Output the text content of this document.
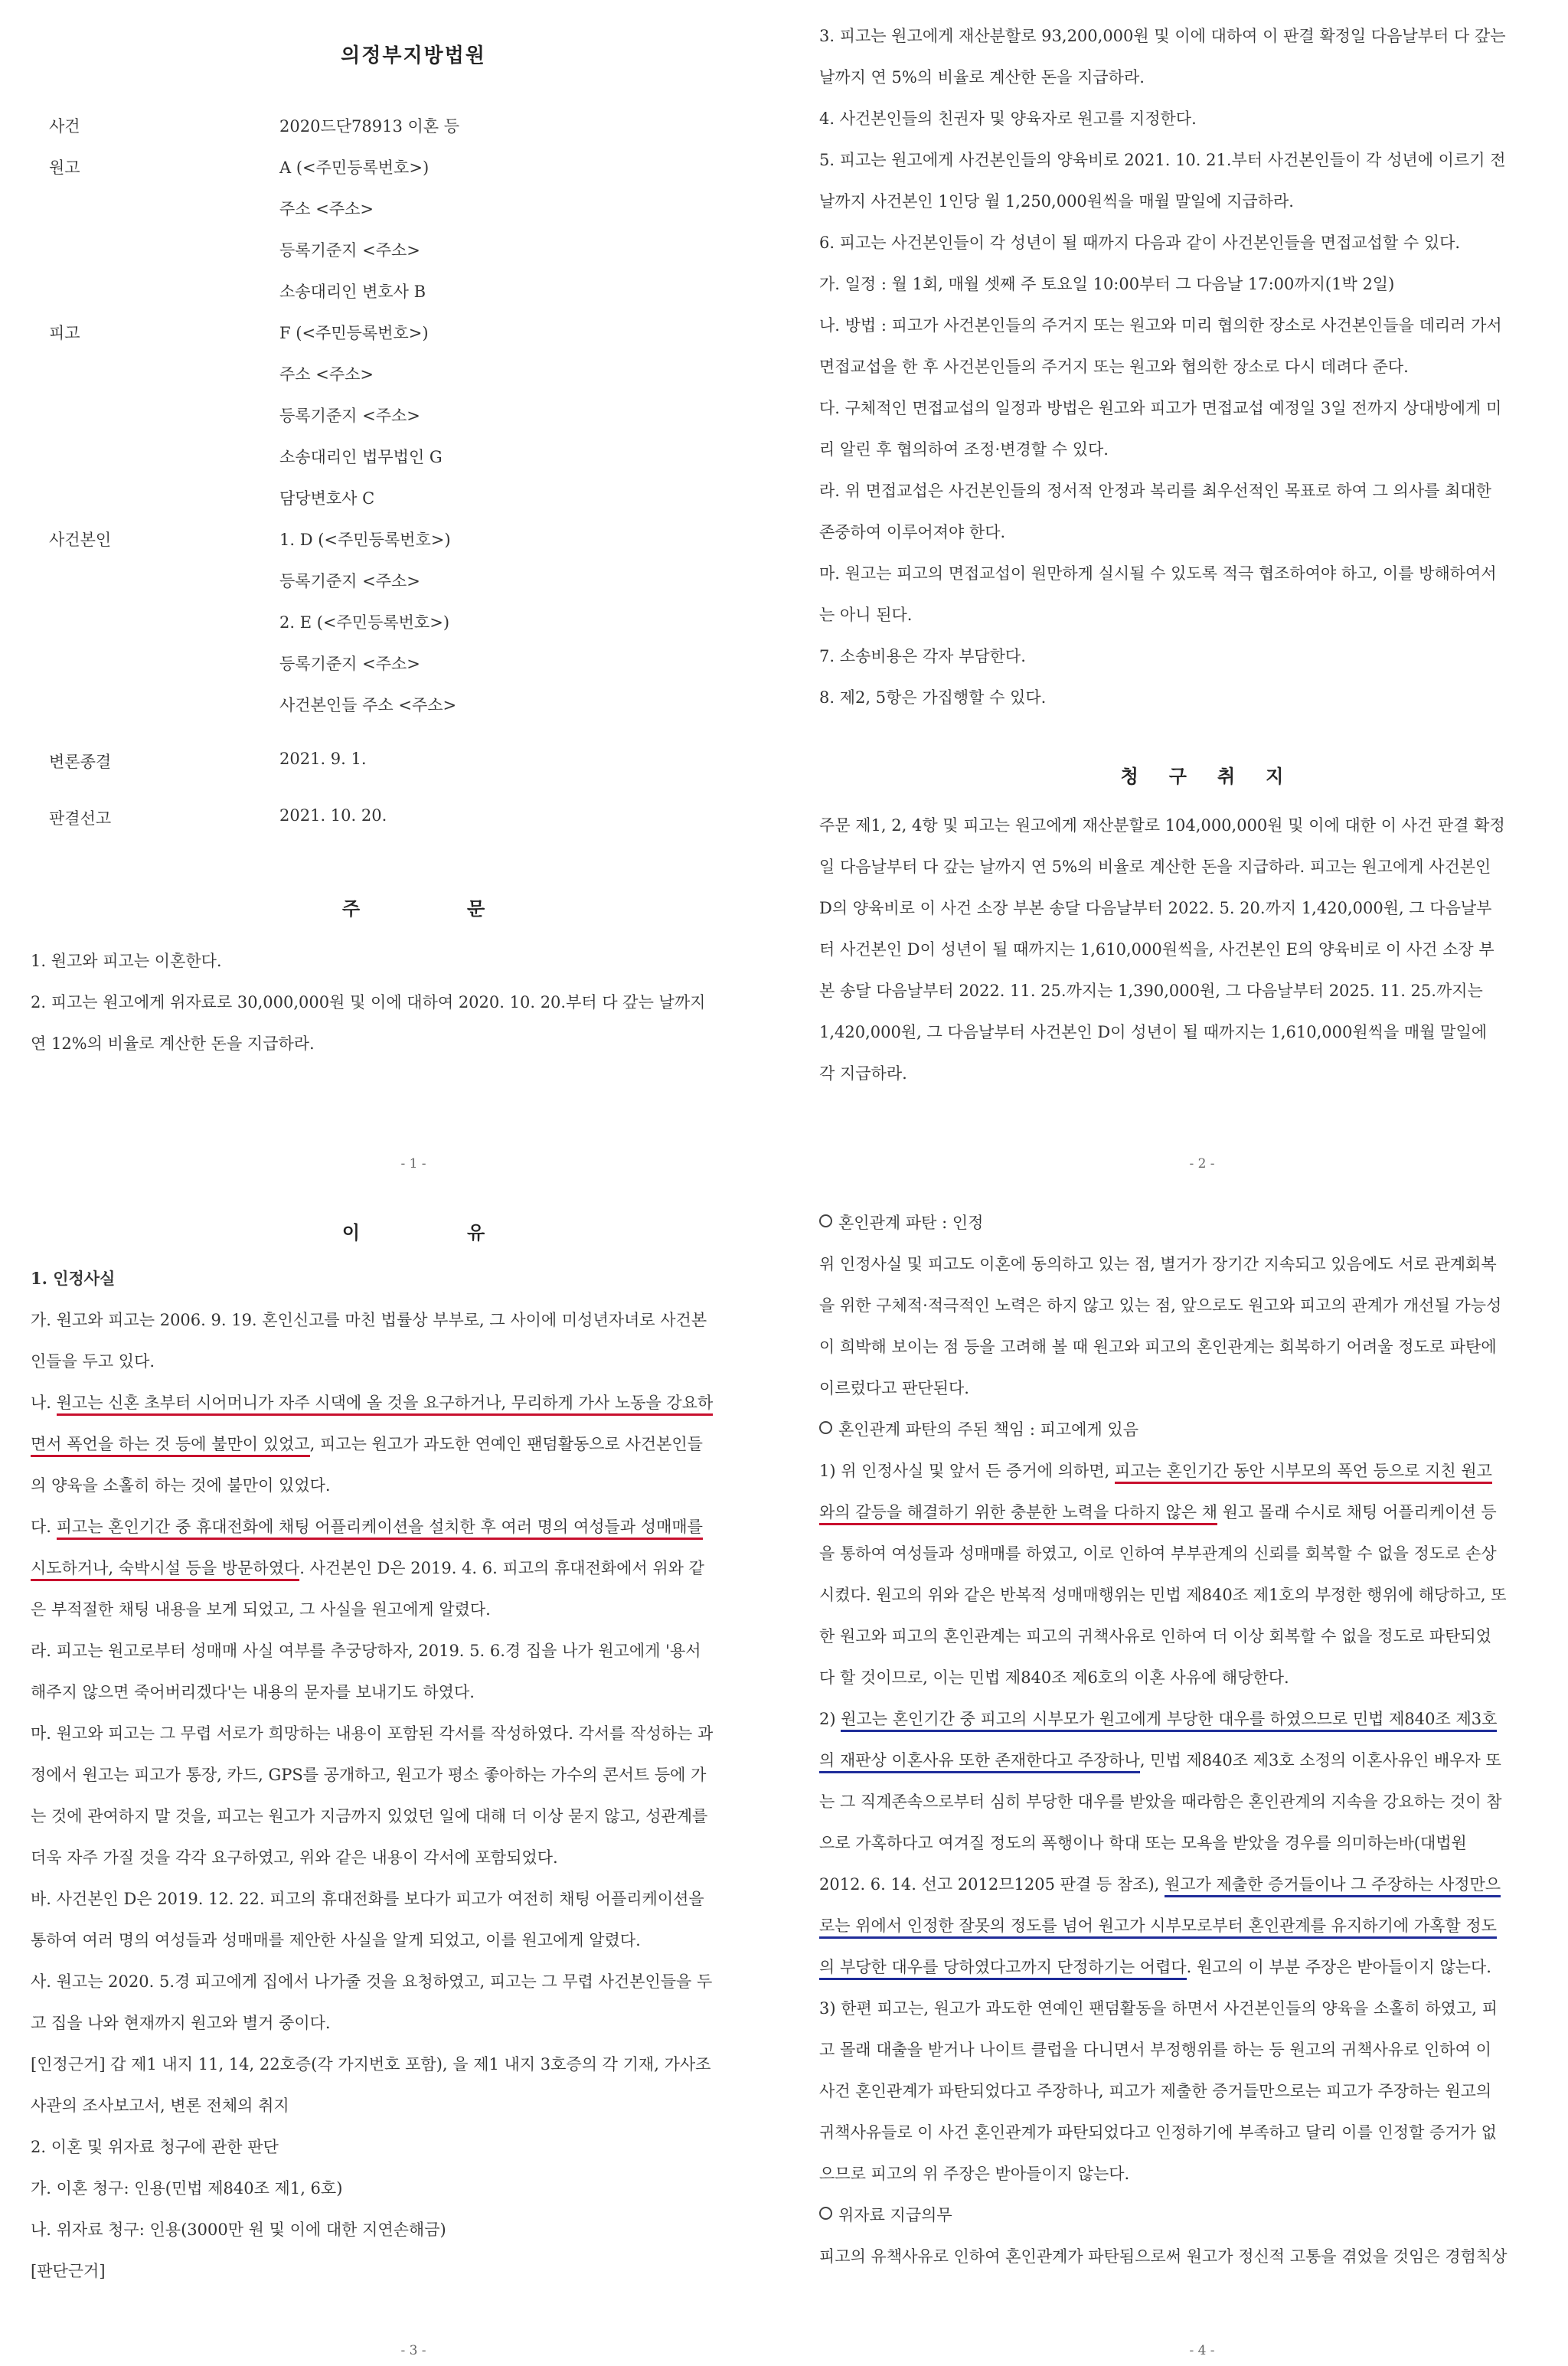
의정부지방법원
사건	2020드단78913 이혼 등
원고	A (<주민등록번호>)
주소 <주소>
등록기준지 <주소>
소송대리인 변호사 B
피고	F (<주민등록번호>)
주소 <주소>
등록기준지 <주소>
소송대리인 법무법인 G
담당변호사 C
사건본인	1. D (<주민등록번호>)
등록기준지 <주소>
2. E (<주민등록번호>)
등록기준지 <주소>
사건본인들 주소 <주소>
변론종결	2021. 9. 1.
판결선고	2021. 10. 20.
주문

1. 원고와 피고는 이혼한다.

2. 피고는 원고에게 위자료로 30,000,000원 및 이에 대하여 2020. 10. 20.부터 다 갚는 날까지

연 12%의 비율로 계산한 돈을 지급하라.

- 1 -

3. 피고는 원고에게 재산분할로 93,200,000원 및 이에 대하여 이 판결 확정일 다음날부터 다 갚는

날까지 연 5%의 비율로 계산한 돈을 지급하라.

4. 사건본인들의 친권자 및 양육자로 원고를 지정한다.

5. 피고는 원고에게 사건본인들의 양육비로 2021. 10. 21.부터 사건본인들이 각 성년에 이르기 전

날까지 사건본인 1인당 월 1,250,000원씩을 매월 말일에 지급하라.

6. 피고는 사건본인들이 각 성년이 될 때까지 다음과 같이 사건본인들을 면접교섭할 수 있다.

가. 일정 : 월 1회, 매월 셋째 주 토요일 10:00부터 그 다음날 17:00까지(1박 2일)

나. 방법 : 피고가 사건본인들의 주거지 또는 원고와 미리 협의한 장소로 사건본인들을 데리러 가서

면접교섭을 한 후 사건본인들의 주거지 또는 원고와 협의한 장소로 다시 데려다 준다.

다. 구체적인 면접교섭의 일정과 방법은 원고와 피고가 면접교섭 예정일 3일 전까지 상대방에게 미

리 알린 후 협의하여 조정·변경할 수 있다.

라. 위 면접교섭은 사건본인들의 정서적 안정과 복리를 최우선적인 목표로 하여 그 의사를 최대한

존중하여 이루어져야 한다.

마. 원고는 피고의 면접교섭이 원만하게 실시될 수 있도록 적극 협조하여야 하고, 이를 방해하여서

는 아니 된다.

7. 소송비용은 각자 부담한다.

8. 제2, 5항은 가집행할 수 있다.

청구취지

주문 제1, 2, 4항 및 피고는 원고에게 재산분할로 104,000,000원 및 이에 대한 이 사건 판결 확정

일 다음날부터 다 갚는 날까지 연 5%의 비율로 계산한 돈을 지급하라. 피고는 원고에게 사건본인

D의 양육비로 이 사건 소장 부본 송달 다음날부터 2022. 5. 20.까지 1,420,000원, 그 다음날부

터 사건본인 D이 성년이 될 때까지는 1,610,000원씩을, 사건본인 E의 양육비로 이 사건 소장 부

본 송달 다음날부터 2022. 11. 25.까지는 1,390,000원, 그 다음날부터 2025. 11. 25.까지는

1,420,000원, 그 다음날부터 사건본인 D이 성년이 될 때까지는 1,610,000원씩을 매월 말일에

각 지급하라.

- 2 -
이유

1. 인정사실

가. 원고와 피고는 2006. 9. 19. 혼인신고를 마친 법률상 부부로, 그 사이에 미성년자녀로 사건본

인들을 두고 있다.

나. 원고는 신혼 초부터 시어머니가 자주 시댁에 올 것을 요구하거나, 무리하게 가사 노동을 강요하

면서 폭언을 하는 것 등에 불만이 있었고, 피고는 원고가 과도한 연예인 팬덤활동으로 사건본인들

의 양육을 소홀히 하는 것에 불만이 있었다.

다. 피고는 혼인기간 중 휴대전화에 채팅 어플리케이션을 설치한 후 여러 명의 여성들과 성매매를

시도하거나, 숙박시설 등을 방문하였다. 사건본인 D은 2019. 4. 6. 피고의 휴대전화에서 위와 같

은 부적절한 채팅 내용을 보게 되었고, 그 사실을 원고에게 알렸다.

라. 피고는 원고로부터 성매매 사실 여부를 추궁당하자, 2019. 5. 6.경 집을 나가 원고에게 '용서

해주지 않으면 죽어버리겠다'는 내용의 문자를 보내기도 하였다.

마. 원고와 피고는 그 무렵 서로가 희망하는 내용이 포함된 각서를 작성하였다. 각서를 작성하는 과

정에서 원고는 피고가 통장, 카드, GPS를 공개하고, 원고가 평소 좋아하는 가수의 콘서트 등에 가

는 것에 관여하지 말 것을, 피고는 원고가 지금까지 있었던 일에 대해 더 이상 묻지 않고, 성관계를

더욱 자주 가질 것을 각각 요구하였고, 위와 같은 내용이 각서에 포함되었다.

바. 사건본인 D은 2019. 12. 22. 피고의 휴대전화를 보다가 피고가 여전히 채팅 어플리케이션을

통하여 여러 명의 여성들과 성매매를 제안한 사실을 알게 되었고, 이를 원고에게 알렸다.

사. 원고는 2020. 5.경 피고에게 집에서 나가줄 것을 요청하였고, 피고는 그 무렵 사건본인들을 두

고 집을 나와 현재까지 원고와 별거 중이다.

[인정근거] 갑 제1 내지 11, 14, 22호증(각 가지번호 포함), 을 제1 내지 3호증의 각 기재, 가사조

사관의 조사보고서, 변론 전체의 취지

2. 이혼 및 위자료 청구에 관한 판단

가. 이혼 청구: 인용(민법 제840조 제1, 6호)

나. 위자료 청구: 인용(3000만 원 및 이에 대한 지연손해금)

[판단근거]

- 3 -

혼인관계 파탄 : 인정

위 인정사실 및 피고도 이혼에 동의하고 있는 점, 별거가 장기간 지속되고 있음에도 서로 관계회복

을 위한 구체적·적극적인 노력은 하지 않고 있는 점, 앞으로도 원고와 피고의 관계가 개선될 가능성

이 희박해 보이는 점 등을 고려해 볼 때 원고와 피고의 혼인관계는 회복하기 어려울 정도로 파탄에

이르렀다고 판단된다.

혼인관계 파탄의 주된 책임 : 피고에게 있음

1) 위 인정사실 및 앞서 든 증거에 의하면, 피고는 혼인기간 동안 시부모의 폭언 등으로 지친 원고

와의 갈등을 해결하기 위한 충분한 노력을 다하지 않은 채 원고 몰래 수시로 채팅 어플리케이션 등

을 통하여 여성들과 성매매를 하였고, 이로 인하여 부부관계의 신뢰를 회복할 수 없을 정도로 손상

시켰다. 원고의 위와 같은 반복적 성매매행위는 민법 제840조 제1호의 부정한 행위에 해당하고, 또

한 원고와 피고의 혼인관계는 피고의 귀책사유로 인하여 더 이상 회복할 수 없을 정도로 파탄되었

다 할 것이므로, 이는 민법 제840조 제6호의 이혼 사유에 해당한다.

2) 원고는 혼인기간 중 피고의 시부모가 원고에게 부당한 대우를 하였으므로 민법 제840조 제3호

의 재판상 이혼사유 또한 존재한다고 주장하나, 민법 제840조 제3호 소정의 이혼사유인 배우자 또

는 그 직계존속으로부터 심히 부당한 대우를 받았을 때라함은 혼인관계의 지속을 강요하는 것이 참

으로 가혹하다고 여겨질 정도의 폭행이나 학대 또는 모욕을 받았을 경우를 의미하는바(대법원

2012. 6. 14. 선고 2012므1205 판결 등 참조), 원고가 제출한 증거들이나 그 주장하는 사정만으

로는 위에서 인정한 잘못의 정도를 넘어 원고가 시부모로부터 혼인관계를 유지하기에 가혹할 정도

의 부당한 대우를 당하였다고까지 단정하기는 어렵다. 원고의 이 부분 주장은 받아들이지 않는다.

3) 한편 피고는, 원고가 과도한 연예인 팬덤활동을 하면서 사건본인들의 양육을 소홀히 하였고, 피

고 몰래 대출을 받거나 나이트 클럽을 다니면서 부정행위를 하는 등 원고의 귀책사유로 인하여 이

사건 혼인관계가 파탄되었다고 주장하나, 피고가 제출한 증거들만으로는 피고가 주장하는 원고의

귀책사유들로 이 사건 혼인관계가 파탄되었다고 인정하기에 부족하고 달리 이를 인정할 증거가 없

으므로 피고의 위 주장은 받아들이지 않는다.

위자료 지급의무

피고의 유책사유로 인하여 혼인관계가 파탄됨으로써 원고가 정신적 고통을 겪었을 것임은 경험칙상

- 4 -
